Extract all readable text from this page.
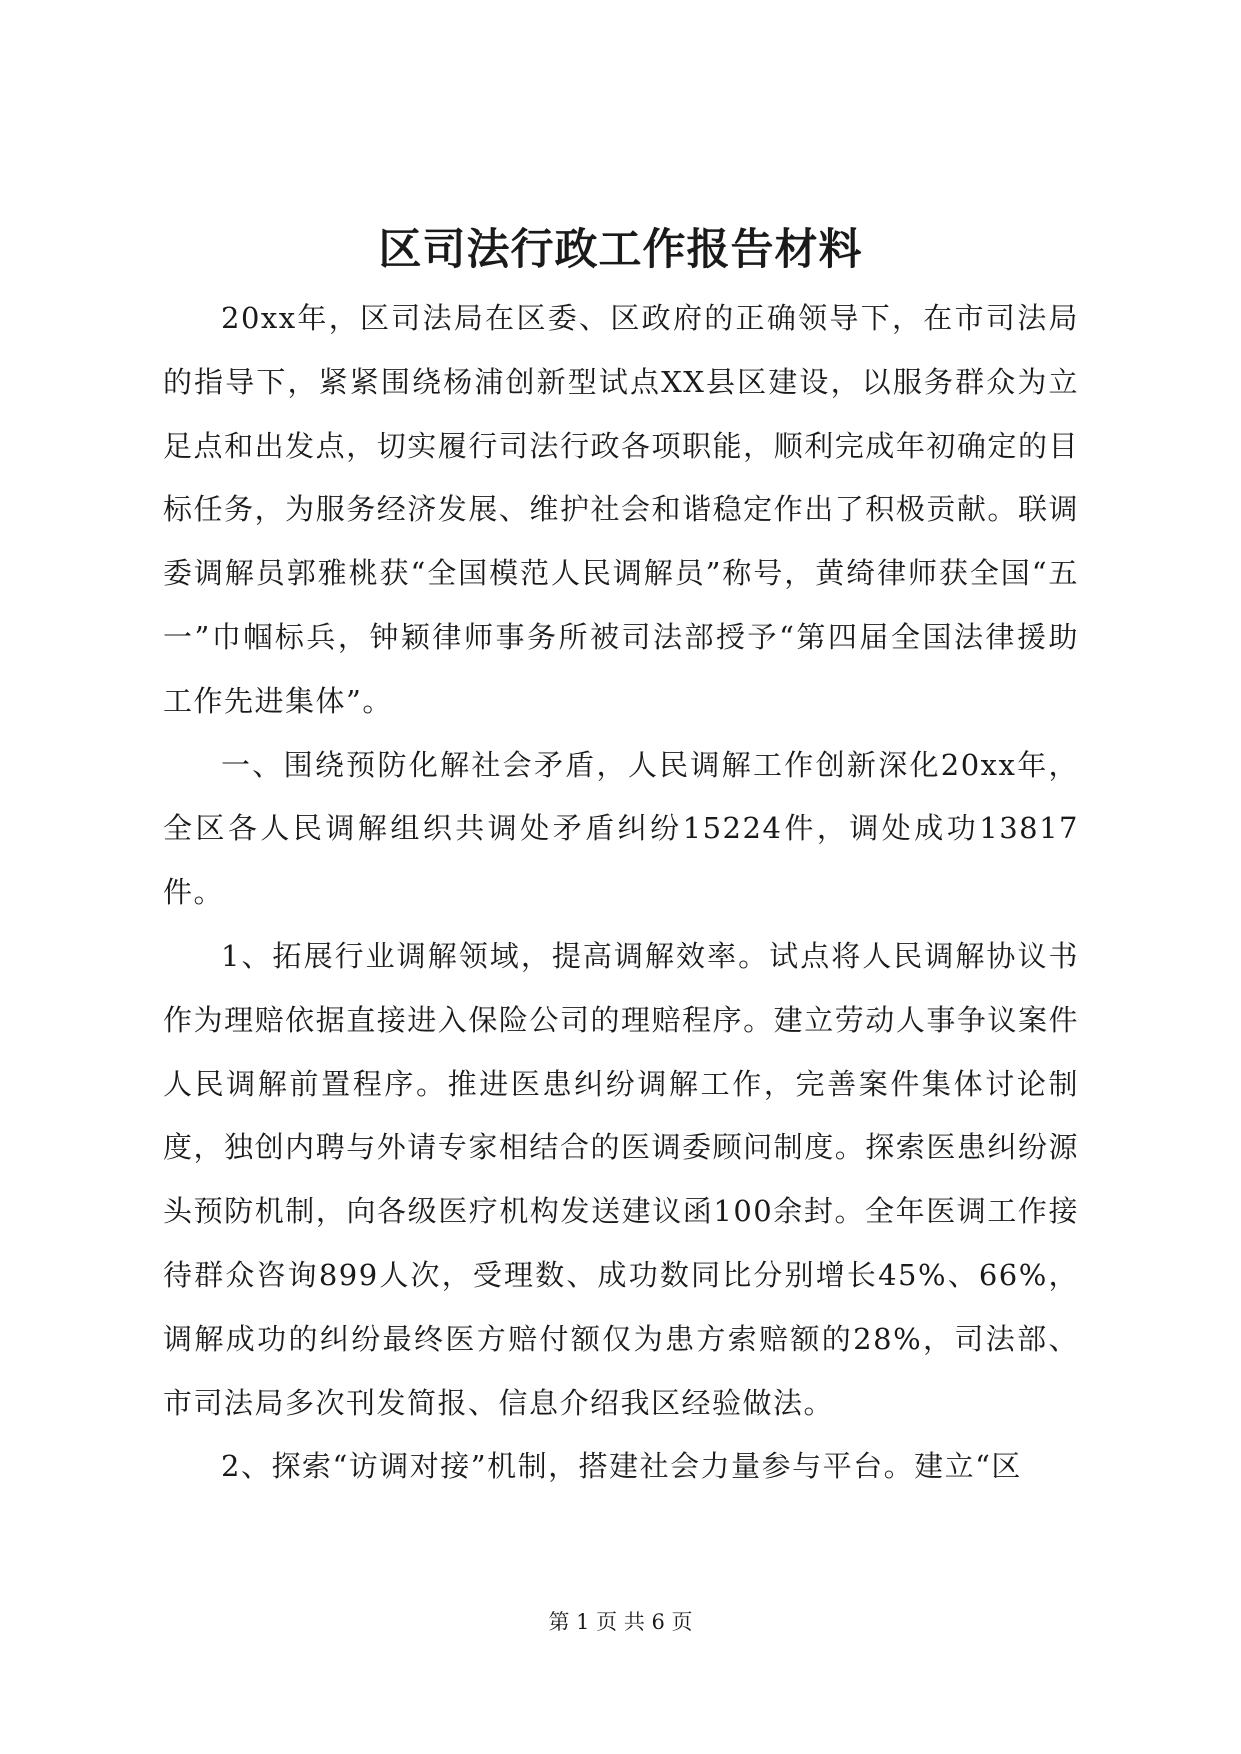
区司法行政工作报告材料

20xx年，区司法局在区委、区政府的正确领导下，在市司法局的指导下，紧紧围绕杨浦创新型试点XX县区建设，以服务群众为立足点和出发点，切实履行司法行政各项职能，顺利完成年初确定的目标任务，为服务经济发展、维护社会和谐稳定作出了积极贡献。联调委调解员郭雅桃获“全国模范人民调解员”称号，黄绮律师获全国“五一”巾帼标兵，钟颖律师事务所被司法部授予“第四届全国法律援助工作先进集体”。

一、围绕预防化解社会矛盾，人民调解工作创新深化20xx年，全区各人民调解组织共调处矛盾纠纷15224件，调处成功13817件。

1、拓展行业调解领域，提高调解效率。试点将人民调解协议书作为理赔依据直接进入保险公司的理赔程序。建立劳动人事争议案件人民调解前置程序。推进医患纠纷调解工作，完善案件集体讨论制度，独创内聘与外请专家相结合的医调委顾问制度。探索医患纠纷源头预防机制，向各级医疗机构发送建议函100余封。全年医调工作接待群众咨询899人次，受理数、成功数同比分别增长45%、66%，调解成功的纠纷最终医方赔付额仅为患方索赔额的28%，司法部、市司法局多次刊发简报、信息介绍我区经验做法。

2、探索“访调对接”机制，搭建社会力量参与平台。建立“区

第 1 页 共 6 页
